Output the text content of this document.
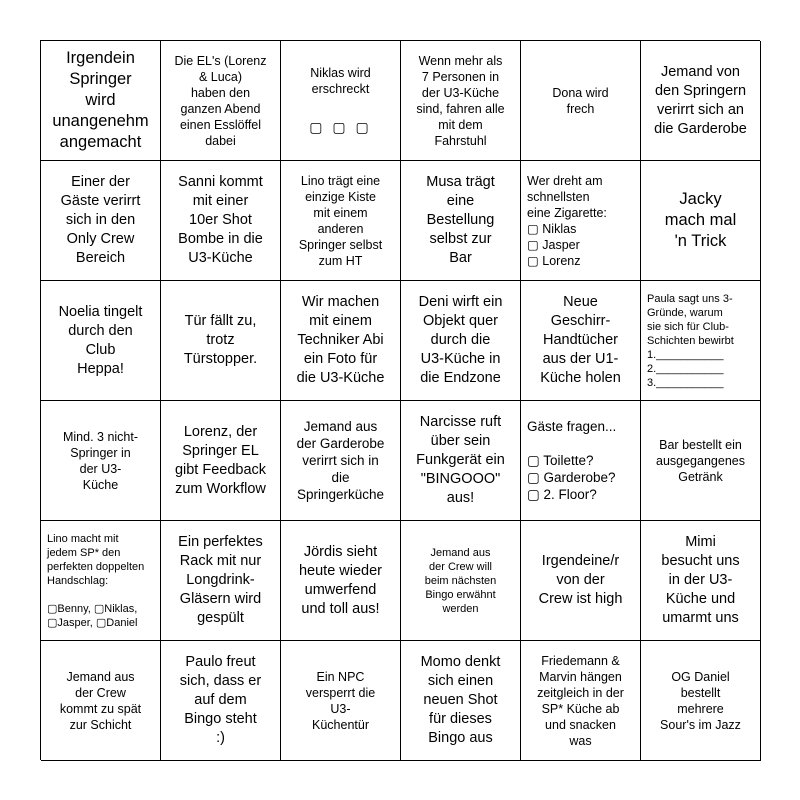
Irgendein
Springer
wird
unangenehm
angemacht
Die EL's (Lorenz
& Luca)
haben den
ganzen Abend
einen Esslöffel
dabei
Niklas wird
erschreckt
▢ ▢ ▢
Wenn mehr als
7 Personen in
der U3-Küche
sind, fahren alle
mit dem
Fahrstuhl
Dona wird
frech
Jemand von
den Springern
verirrt sich an
die Garderobe
Einer der
Gäste verirrt
sich in den
Only Crew
Bereich
Sanni kommt
mit einer
10er Shot
Bombe in die
U3-Küche
Lino trägt eine
einzige Kiste
mit einem
anderen
Springer selbst
zum HT
Musa trägt
eine
Bestellung
selbst zur
Bar
Wer dreht am
schnellsten
eine Zigarette:
▢ Niklas
▢ Jasper
▢ Lorenz
Jacky
mach mal
'n Trick
Noelia tingelt
durch den
Club
Heppa!
Tür fällt zu,
trotz
Türstopper.
Wir machen
mit einem
Techniker Abi
ein Foto für
die U3-Küche
Deni wirft ein
Objekt quer
durch die
U3-Küche in
die Endzone
Neue
Geschirr-
Handtücher
aus der U1-
Küche holen
Paula sagt uns 3-
Gründe, warum
sie sich für Club-
Schichten bewirbt
1.___________
2.___________
3.___________
Mind. 3 nicht-
Springer in
der U3-
Küche
Lorenz, der
Springer EL
gibt Feedback
zum Workflow
Jemand aus
der Garderobe
verirrt sich in
die
Springerküche
Narcisse ruft
über sein
Funkgerät ein
"BINGOOO"
aus!
Gäste fragen...

▢ Toilette?
▢ Garderobe?
▢ 2. Floor?
Bar bestellt ein
ausgegangenes
Getränk
Lino macht mit
jedem SP* den
perfekten doppelten
Handschlag:

▢Benny, ▢Niklas,
▢Jasper, ▢Daniel
Ein perfektes
Rack mit nur
Longdrink-
Gläsern wird
gespült
Jördis sieht
heute wieder
umwerfend
und toll aus!
Jemand aus
der Crew will
beim nächsten
Bingo erwähnt
werden
Irgendeine/r
von der
Crew ist high
Mimi
besucht uns
in der U3-
Küche und
umarmt uns
Jemand aus
der Crew
kommt zu spät
zur Schicht
Paulo freut
sich, dass er
auf dem
Bingo steht
:)
Ein NPC
versperrt die
U3-
Küchentür
Momo denkt
sich einen
neuen Shot
für dieses
Bingo aus
Friedemann &
Marvin hängen
zeitgleich in der
SP* Küche ab
und snacken
was
OG Daniel
bestellt
mehrere
Sour's im Jazz
